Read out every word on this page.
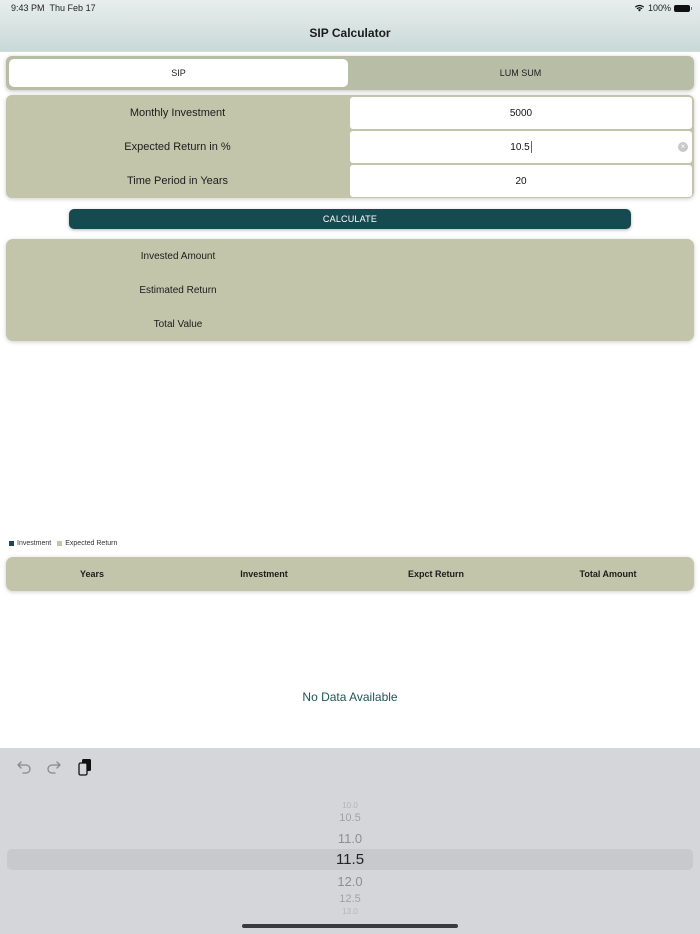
9:43 PM Thu Feb 17	100%
SIP Calculator
SIP	LUM SUM
Monthly Investment	5000
Expected Return in %	10.5	×
Time Period in Years	20
CALCULATE
Invested Amount
Estimated Return
Total Value
Investment Expected Return
Years	Investment	Expct Return	Total Amount
No Data Available
10.0
10.5
11.0
11.5
12.0
12.5
13.0
